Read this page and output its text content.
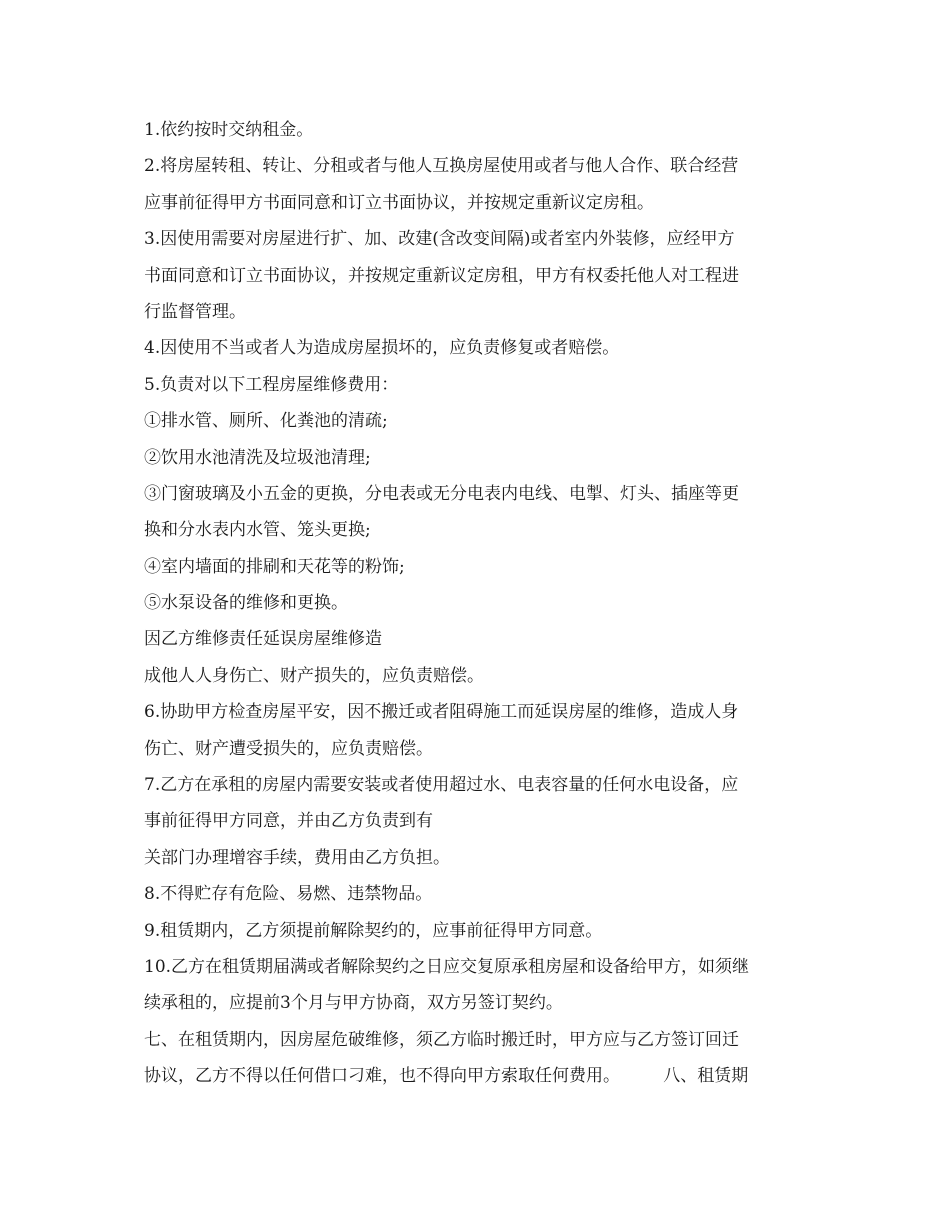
1.依约按时交纳租金。
2.将房屋转租、转让、分租或者与他人互换房屋使用或者与他人合作、联合经营
应事前征得甲方书面同意和订立书面协议，并按规定重新议定房租。
3.因使用需要对房屋进行扩、加、改建(含改变间隔)或者室内外装修，应经甲方
书面同意和订立书面协议，并按规定重新议定房租，甲方有权委托他人对工程进
行监督管理。
4.因使用不当或者人为造成房屋损坏的，应负责修复或者赔偿。
5.负责对以下工程房屋维修费用：
①排水管、厕所、化粪池的清疏;
②饮用水池清洗及垃圾池清理;
③门窗玻璃及小五金的更换，分电表或无分电表内电线、电掣、灯头、插座等更
换和分水表内水管、笼头更换;
④室内墙面的排刷和天花等的粉饰;
⑤水泵设备的维修和更换。
因乙方维修责任延误房屋维修造
成他人人身伤亡、财产损失的，应负责赔偿。
6.协助甲方检查房屋平安，因不搬迁或者阻碍施工而延误房屋的维修，造成人身
伤亡、财产遭受损失的，应负责赔偿。
7.乙方在承租的房屋内需要安装或者使用超过水、电表容量的任何水电设备，应
事前征得甲方同意，并由乙方负责到有
关部门办理增容手续，费用由乙方负担。
8.不得贮存有危险、易燃、违禁物品。
9.租赁期内，乙方须提前解除契约的，应事前征得甲方同意。
10.乙方在租赁期届满或者解除契约之日应交复原承租房屋和设备给甲方，如须继
续承租的，应提前3个月与甲方协商，双方另签订契约。
七、在租赁期内，因房屋危破维修，须乙方临时搬迁时，甲方应与乙方签订回迁
协议，乙方不得以任何借口刁难，也不得向甲方索取任何费用。        八、租赁期
